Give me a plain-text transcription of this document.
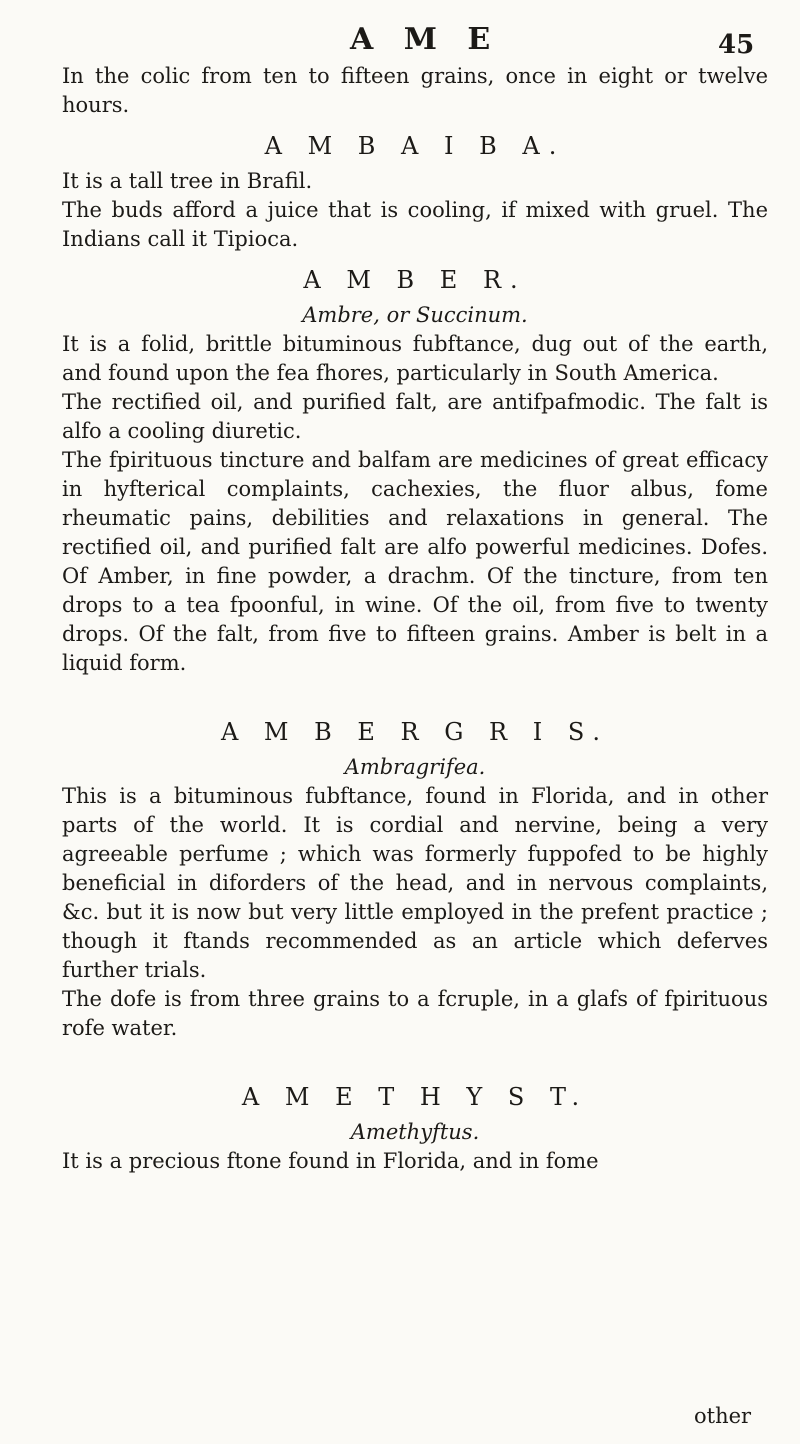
A M E	45

In the colic from ten to fifteen grains, once in eight or twelve hours.

A M B A I B A.

It is a tall tree in Brafil.

The buds afford a juice that is cooling, if mixed with gruel. The Indians call it Tipioca.

A M B E R.

Ambre, or Succinum.

It is a folid, brittle bituminous fubftance, dug out of the earth, and found upon the fea fhores, particularly in South America.

The rectified oil, and purified falt, are antifpafmodic. The falt is alfo a cooling diuretic.

The fpirituous tincture and balfam are medicines of great efficacy in hyfterical complaints, cachexies, the fluor albus, fome rheumatic pains, debilities and relaxations in general. The rectified oil, and purified falt are alfo powerful medicines. Dofes. Of Amber, in fine powder, a drachm. Of the tincture, from ten drops to a tea fpoonful, in wine. Of the oil, from five to twenty drops. Of the falt, from five to fifteen grains. Amber is belt in a liquid form.

A M B E R G R I S.

Ambragrifea.

This is a bituminous fubftance, found in Florida, and in other parts of the world. It is cordial and nervine, being a very agreeable perfume ; which was formerly fuppofed to be highly beneficial in diforders of the head, and in nervous complaints, &c. but it is now but very little employed in the prefent practice ; though it ftands recommended as an article which deferves further trials.

The dofe is from three grains to a fcruple, in a glafs of fpirituous rofe water.

A M E T H Y S T.

Amethyftus.

It is a precious ftone found in Florida, and in fome

other
